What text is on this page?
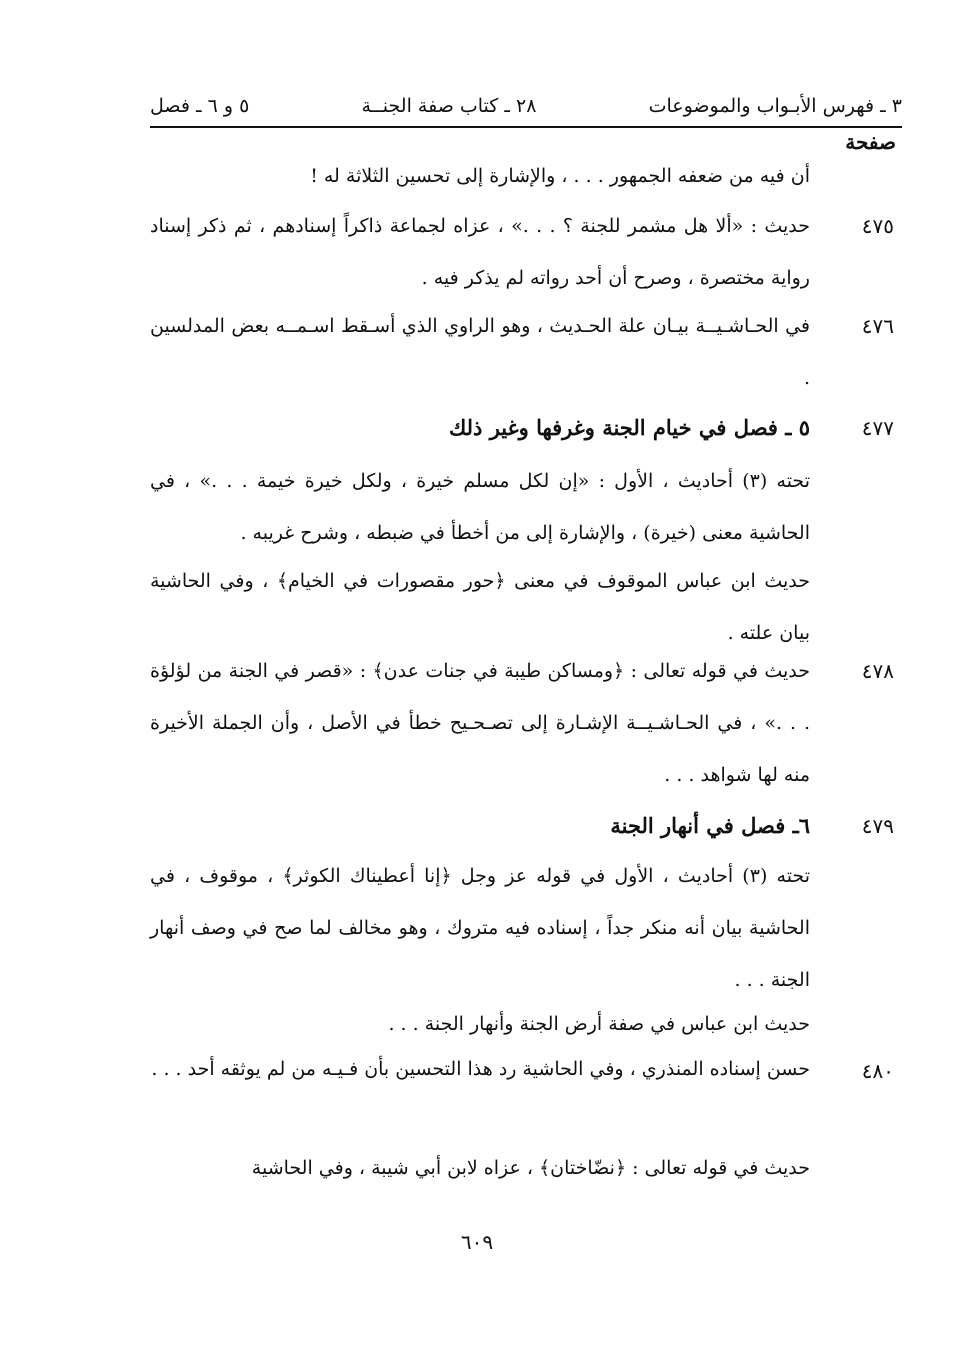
٣ ـ فهرس الأبـواب والموضوعات
٢٨ ـ كتاب صفة الجنــة
٥ و ٦ ـ فصل
صفحة
أن فيه من ضعفه الجمهور . . . ، والإشارة إلى تحسين الثلاثة له !
٤٧٥
حديث : «ألا هل مشمر للجنة ؟ . . .» ، عزاه لجماعة ذاكراً إسنادهم ، ثم ذكر إسناد رواية مختصرة ، وصرح أن أحد رواته لم يذكر فيه .
٤٧٦
في الحـاشـيــة بيـان علة الحـديث ، وهو الراوي الذي أسـقط اسـمــه بعض المدلسين .
٤٧٧
٥ ـ فصل في خيام الجنة وغرفها وغير ذلك
تحته (٣) أحاديث ، الأول : «إن لكل مسلم خيرة ، ولكل خيرة خيمة . . .» ، في الحاشية معنى (خيرة) ، والإشارة إلى من أخطأ في ضبطه ، وشرح غريبه .
حديث ابن عباس الموقوف في معنى ﴿حور مقصورات في الخيام﴾ ، وفي الحاشية بيان علته .
٤٧٨
حديث في قوله تعالى : ﴿ومساكن طيبة في جنات عدن﴾ : «قصر في الجنة من لؤلؤة . . .» ، في الحـاشـيــة الإشـارة إلى تصـحـيح خطأ في الأصل ، وأن الجملة الأخيرة منه لها شواهد . . .
٤٧٩
٦ـ فصل في أنهار الجنة
تحته (٣) أحاديث ، الأول في قوله عز وجل ﴿إنا أعطيناك الكوثر﴾ ، موقوف ، في الحاشية بيان أنه منكر جداً ، إسناده فيه متروك ، وهو مخالف لما صح في وصف أنهار الجنة . . .
حديث ابن عباس في صفة أرض الجنة وأنهار الجنة . . .
٤٨٠
حسن إسناده المنذري ، وفي الحاشية رد هذا التحسين بأن فـيـه من لم يوثقه أحد . . .
حديث في قوله تعالى : ﴿نضّاختان﴾ ، عزاه لابن أبي شيبة ، وفي الحاشية
٦٠٩
